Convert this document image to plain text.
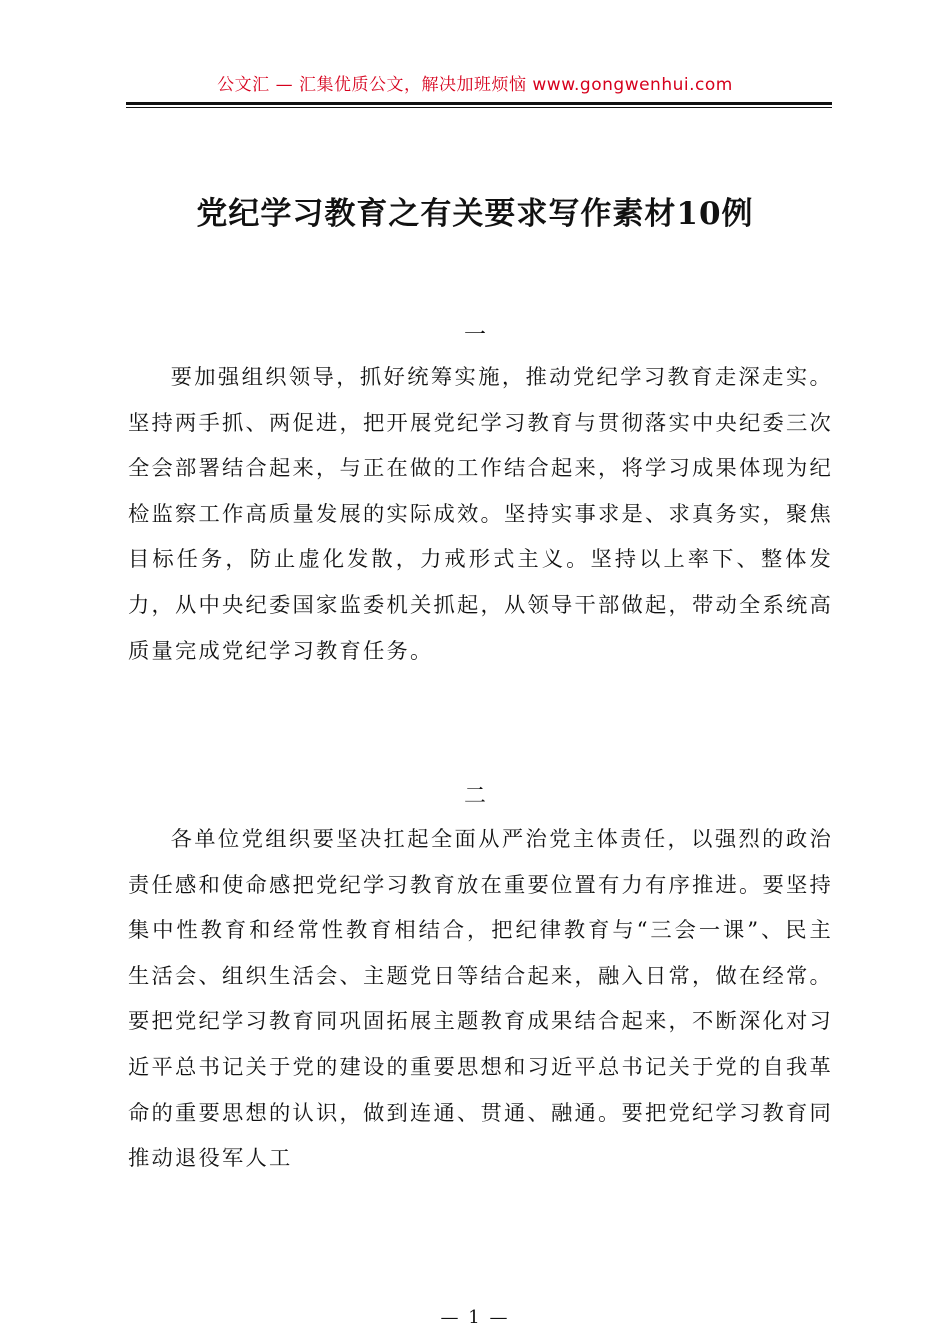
公文汇 — 汇集优质公文，解决加班烦恼 www.gongwenhui.com
党纪学习教育之有关要求写作素材10例
一

要加强组织领导，抓好统筹实施，推动党纪学习教育走深走实。坚持两手抓、两促进，把开展党纪学习教育与贯彻落实中央纪委三次全会部署结合起来，与正在做的工作结合起来，将学习成果体现为纪检监察工作高质量发展的实际成效。坚持实事求是、求真务实，聚焦目标任务，防止虚化发散，力戒形式主义。坚持以上率下、整体发力，从中央纪委国家监委机关抓起，从领导干部做起，带动全系统高质量完成党纪学习教育任务。

二

各单位党组织要坚决扛起全面从严治党主体责任，以强烈的政治责任感和使命感把党纪学习教育放在重要位置有力有序推进。要坚持集中性教育和经常性教育相结合，把纪律教育与“三会一课”、民主生活会、组织生活会、主题党日等结合起来，融入日常，做在经常。要把党纪学习教育同巩固拓展主题教育成果结合起来，不断深化对习近平总书记关于党的建设的重要思想和习近平总书记关于党的自我革命的重要思想的认识，做到连通、贯通、融通。要把党纪学习教育同推动退役军人工

— 1 —
